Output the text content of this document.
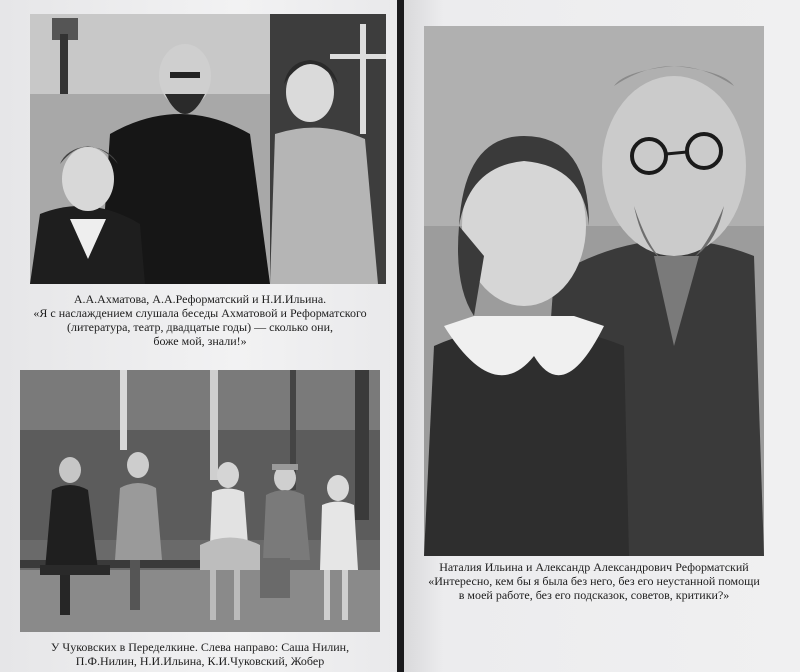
А.А.Ахматова, А.А.Реформатский и Н.И.Ильина.
«Я с наслаждением слушала беседы Ахматовой и Реформатского
(литература, театр, двадцатые годы) — сколько они,
боже мой, знали!»
У Чуковских в Переделкине. Слева направо: Саша Нилин,
П.Ф.Нилин, Н.И.Ильина, К.И.Чуковский, Жобер
Наталия Ильина и Александр Александрович Реформатский
«Интересно, кем бы я была без него, без его неустанной помощи
в моей работе, без его подсказок, советов, критики?»
